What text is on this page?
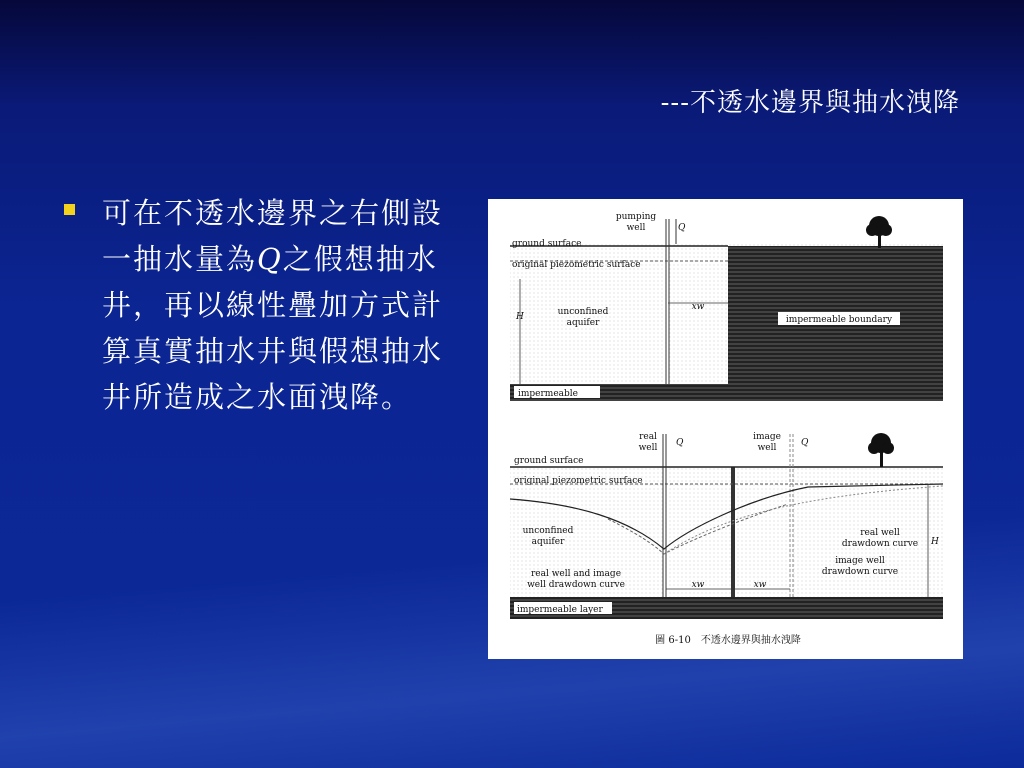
---不透水邊界與抽水洩降
可在不透水邊界之右側設一抽水量為Q之假想抽水井，再以線性疊加方式計算真實抽水井與假想抽水井所造成之水面洩降。
pumping
well	Q
ground surface
original piezometric surface
H	unconfined
aquifer
xw
impermeable boundary
impermeable
real
well Q
image
well	Q
ground surface
original piezometric surface
unconfined
aquifer
real well
drawdown curve
image well
drawdown curve
H
real well and image
well drawdown curve	xw	xw
impermeable layer
圖 6-10　不透水邊界與抽水洩降
